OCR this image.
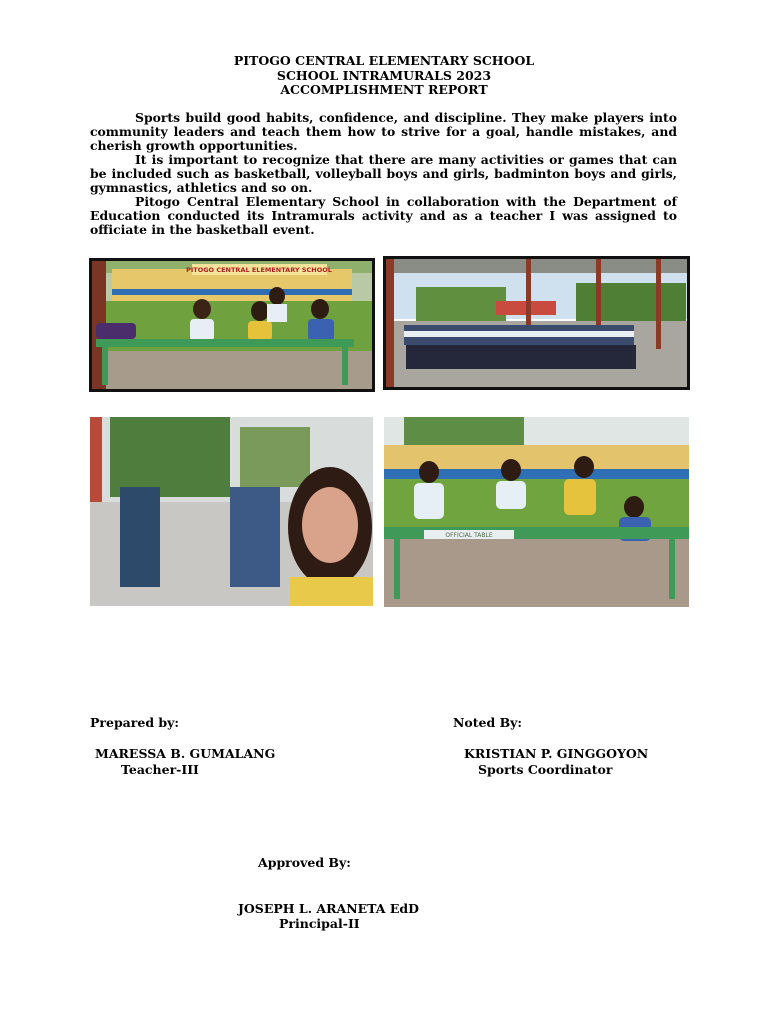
PITOGO CENTRAL ELEMENTARY SCHOOL
SCHOOL INTRAMURALS 2023
ACCOMPLISHMENT REPORT

Sports build good habits, confidence, and discipline. They make players into community leaders and teach them how to strive for a goal, handle mistakes, and cherish growth opportunities.

It is important to recognize that there are many activities or games that can be included such as basketball, volleyball boys and girls, badminton boys and girls, gymnastics, athletics and so on.

Pitogo Central Elementary School in collaboration with the Department of Education conducted its Intramurals activity and as a teacher I was assigned to officiate in the basketball event.

PITOGO CENTRAL ELEMENTARY SCHOOL
OFFICIAL TABLE
Prepared by:	Noted By:
MARESSA B. GUMALANG	KRISTIAN P. GINGGOYON
Teacher-III	Sports Coordinator
Approved By:
JOSEPH L. ARANETA EdD
Principal-II
